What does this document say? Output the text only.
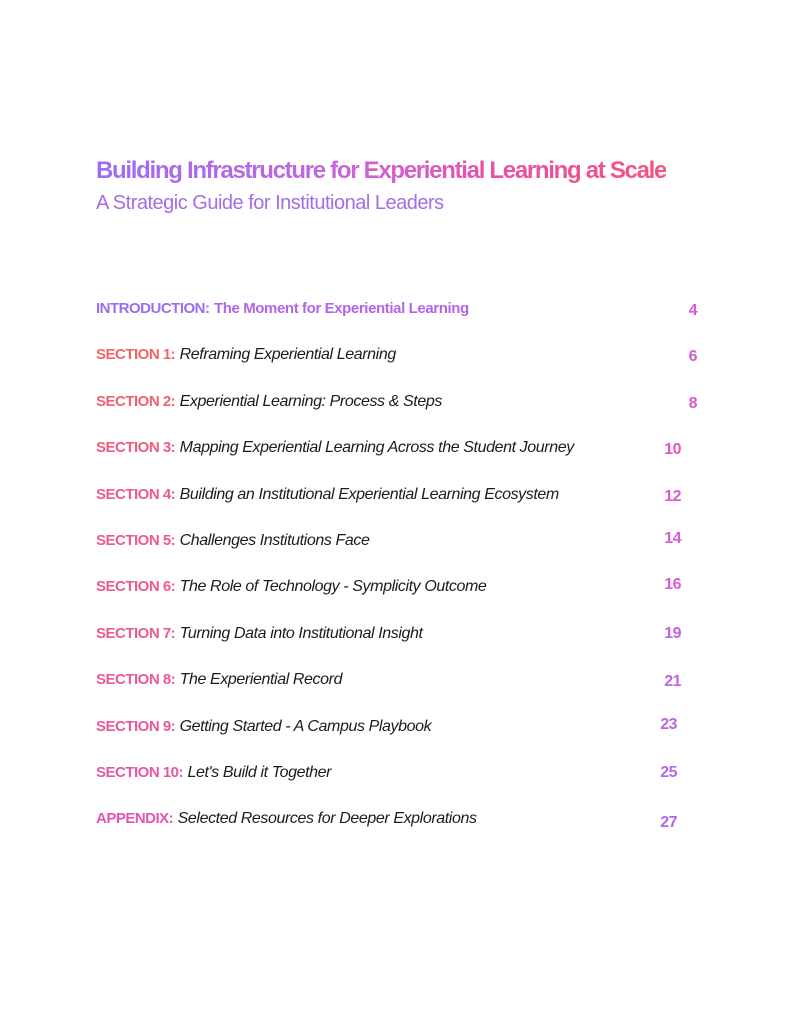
Building Infrastructure for Experiential Learning at Scale
A Strategic Guide for Institutional Leaders
INTRODUCTION: The Moment for Experiential Learning	4
SECTION 1: Reframing Experiential Learning	6
SECTION 2: Experiential Learning: Process & Steps	8
SECTION 3: Mapping Experiential Learning Across the Student Journey	10
SECTION 4: Building an Institutional Experiential Learning Ecosystem	12
SECTION 5: Challenges Institutions Face	14
SECTION 6: The Role of Technology - Symplicity Outcome	16
SECTION 7: Turning Data into Institutional Insight	19
SECTION 8: The Experiential Record	21
SECTION 9: Getting Started - A Campus Playbook	23
SECTION 10: Let's Build it Together	25
APPENDIX: Selected Resources for Deeper Explorations	27
